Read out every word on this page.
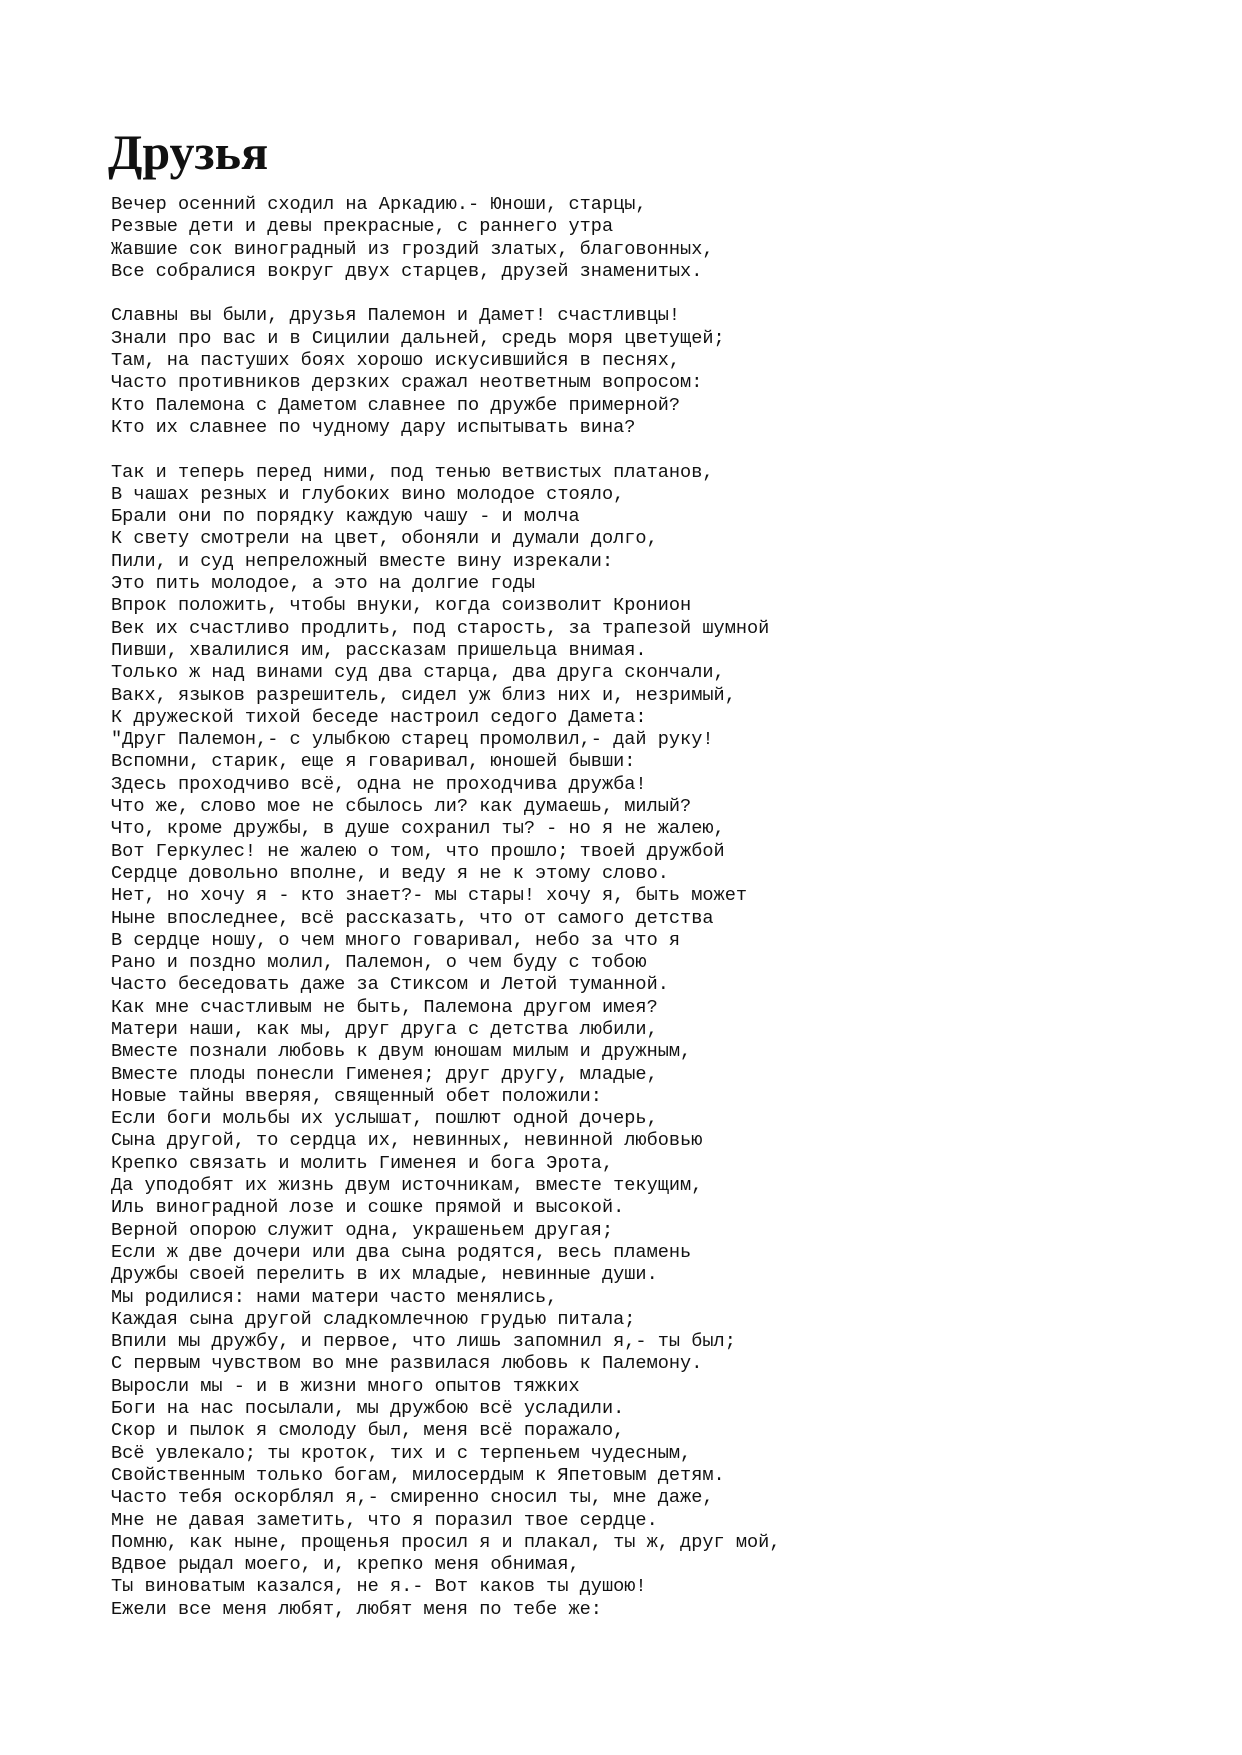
Друзья
Вечер осенний сходил на Аркадию.- Юноши, старцы,
Резвые дети и девы прекрасные, с раннего утра
Жавшие сок виноградный из гроздий златых, благовонных,
Все собралися вокруг двух старцев, друзей знаменитых.
Славны вы были, друзья Палемон и Дамет! счастливцы!
Знали про вас и в Сицилии дальней, средь моря цветущей;
Там, на пастуших боях хорошо искусившийся в песнях,
Часто противников дерзких сражал неответным вопросом:
Кто Палемона с Даметом славнее по дружбе примерной?
Кто их славнее по чудному дару испытывать вина?
Так и теперь перед ними, под тенью ветвистых платанов,
В чашах резных и глубоких вино молодое стояло,
Брали они по порядку каждую чашу - и молча
К свету смотрели на цвет, обоняли и думали долго,
Пили, и суд непреложный вместе вину изрекали:
Это пить молодое, а это на долгие годы
Впрок положить, чтобы внуки, когда соизволит Кронион
Век их счастливо продлить, под старость, за трапезой шумной
Пивши, хвалилися им, рассказам пришельца внимая.
Только ж над винами суд два старца, два друга скончали,
Вакх, языков разрешитель, сидел уж близ них и, незримый,
К дружеской тихой беседе настроил седого Дамета:
"Друг Палемон,- с улыбкою старец промолвил,- дай руку!
Вспомни, старик, еще я говаривал, юношей бывши:
Здесь проходчиво всё, одна не проходчива дружба!
Что же, слово мое не сбылось ли? как думаешь, милый?
Что, кроме дружбы, в душе сохранил ты? - но я не жалею,
Вот Геркулес! не жалею о том, что прошло; твоей дружбой
Сердце довольно вполне, и веду я не к этому слово.
Нет, но хочу я - кто знает?- мы стары! хочу я, быть может
Ныне впоследнее, всё рассказать, что от самого детства
В сердце ношу, о чем много говаривал, небо за что я
Рано и поздно молил, Палемон, о чем буду с тобою
Часто беседовать даже за Стиксом и Летой туманной.
Как мне счастливым не быть, Палемона другом имея?
Матери наши, как мы, друг друга с детства любили,
Вместе познали любовь к двум юношам милым и дружным,
Вместе плоды понесли Гименея; друг другу, младые,
Новые тайны вверяя, священный обет положили:
Если боги мольбы их услышат, пошлют одной дочерь,
Сына другой, то сердца их, невинных, невинной любовью
Крепко связать и молить Гименея и бога Эрота,
Да уподобят их жизнь двум источникам, вместе текущим,
Иль виноградной лозе и сошке прямой и высокой.
Верной опорою служит одна, украшеньем другая;
Если ж две дочери или два сына родятся, весь пламень
Дружбы своей перелить в их младые, невинные души.
Мы родилися: нами матери часто менялись,
Каждая сына другой сладкомлечною грудью питала;
Впили мы дружбу, и первое, что лишь запомнил я,- ты был;
С первым чувством во мне развилася любовь к Палемону.
Выросли мы - и в жизни много опытов тяжких
Боги на нас посылали, мы дружбою всё усладили.
Скор и пылок я смолоду был, меня всё поражало,
Всё увлекало; ты кроток, тих и с терпеньем чудесным,
Свойственным только богам, милосердым к Япетовым детям.
Часто тебя оскорблял я,- смиренно сносил ты, мне даже,
Мне не давая заметить, что я поразил твое сердце.
Помню, как ныне, прощенья просил я и плакал, ты ж, друг мой,
Вдвое рыдал моего, и, крепко меня обнимая,
Ты виноватым казался, не я.- Вот каков ты душою!
Ежели все меня любят, любят меня по тебе же:
